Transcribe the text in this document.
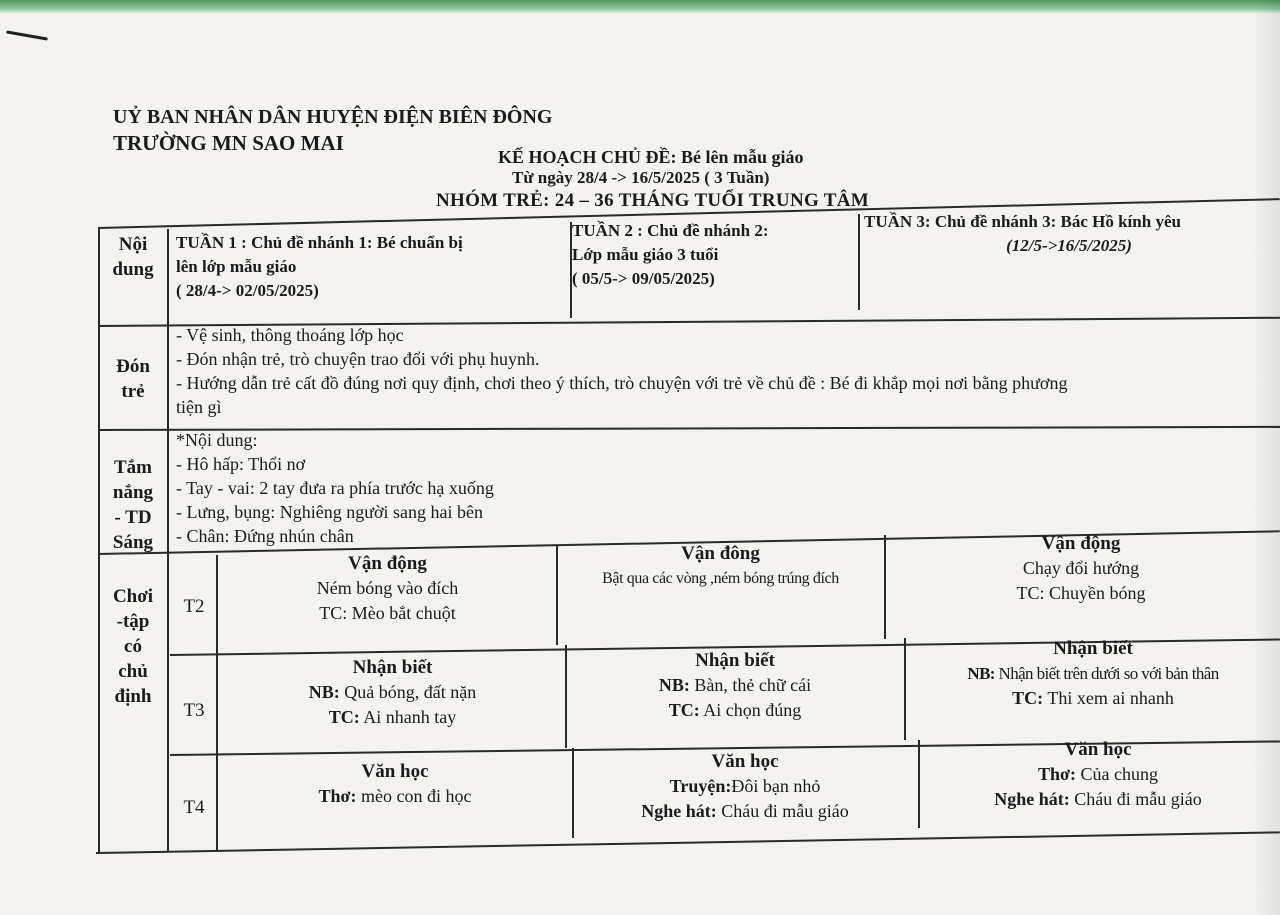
UỶ BAN NHÂN DÂN HUYỆN ĐIỆN BIÊN ĐÔNG
TRƯỜNG MN SAO MAI
KẾ HOẠCH CHỦ ĐỀ: Bé lên mẫu giáo
Từ ngày 28/4 -> 16/5/2025 ( 3 Tuần)
NHÓM TRẺ: 24 – 36 THÁNG TUỔI TRUNG TÂM
Nội
dung
TUẦN 1 : Chủ đề nhánh 1: Bé chuẩn bị
lên lớp mẫu giáo
( 28/4-> 02/05/2025)
TUẦN 2 : Chủ đề nhánh 2:
Lớp mẫu giáo 3 tuổi
( 05/5-> 09/05/2025)
TUẦN 3: Chủ đề nhánh 3: Bác Hồ kính yêu
(12/5->16/5/2025)
Đón
trẻ
- Vệ sinh, thông thoáng lớp học
- Đón nhận trẻ, trò chuyện trao đổi với phụ huynh.
- Hướng dẫn trẻ cất đồ đúng nơi quy định, chơi theo ý thích, trò chuyện với trẻ về chủ đề : Bé đi khắp mọi nơi bằng phương
tiện gì
Tắm
nắng
- TD
Sáng
*Nội dung:
- Hô hấp: Thổi nơ
- Tay - vai: 2 tay đưa ra phía trước hạ xuống
- Lưng, bụng: Nghiêng người sang hai bên
- Chân: Đứng nhún chân
Chơi
-tập
có
chủ
định
T2
Vận động
Ném bóng vào đích
TC: Mèo bắt chuột
Vận đông
Bật qua các vòng ,ném bóng trúng đích
Vận động
Chạy đổi hướng
TC: Chuyền bóng
T3
Nhận biết
NB: Quả bóng, đất nặn
TC: Ai nhanh tay
Nhận biết
NB: Bàn, thẻ chữ cái
TC: Ai chọn đúng
Nhận biết
NB: Nhận biết trên dưới so với bản thân
TC: Thi xem ai nhanh
T4
Văn học
Thơ: mèo con đi học
Văn học
Truyện:Đôi bạn nhỏ
Nghe hát: Cháu đi mẫu giáo
Văn học
Thơ: Của chung
Nghe hát: Cháu đi mẫu giáo
